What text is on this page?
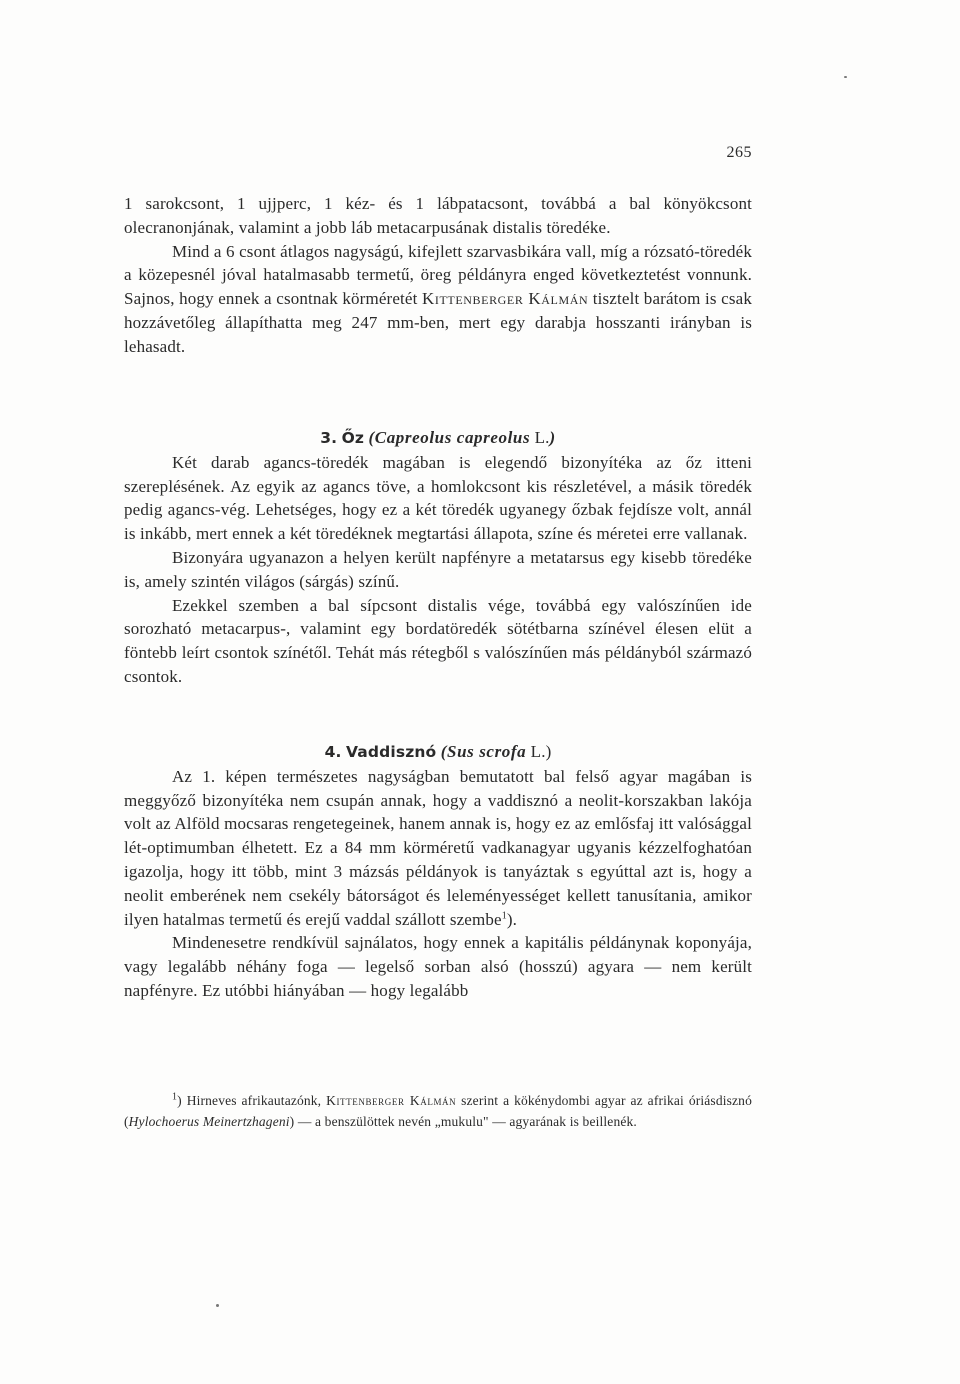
265

1 sarokcsont, 1 ujjperc, 1 kéz- és 1 lábpatacsont, továbbá a bal könyökcsont olecranonjának, valamint a jobb láb metacarpusának distalis töredéke.

Mind a 6 csont átlagos nagyságú, kifejlett szarvasbikára vall, míg a rózsató-töredék a közepesnél jóval hatalmasabb termetű, öreg példányra enged következtetést vonnunk. Sajnos, hogy ennek a csontnak körméretét Kittenberger Kálmán tisztelt barátom is csak hozzávetőleg állapíthatta meg 247 mm-ben, mert egy darabja hosszanti irányban is lehasadt.

3. Őz (Capreolus capreolus L.)

Két darab agancs-töredék magában is elegendő bizonyítéka az őz itteni szereplésének. Az egyik az agancs töve, a homlokcsont kis részletével, a másik töredék pedig agancs-vég. Lehetséges, hogy ez a két töredék ugyanegy őzbak fejdísze volt, annál is inkább, mert ennek a két töredéknek megtartási állapota, színe és méretei erre vallanak.

Bizonyára ugyanazon a helyen került napfényre a metatarsus egy kisebb töredéke is, amely szintén világos (sárgás) színű.

Ezekkel szemben a bal sípcsont distalis vége, továbbá egy valószínűen ide sorozható metacarpus-, valamint egy bordatöredék sötétbarna színével élesen elüt a föntebb leírt csontok színétől. Tehát más rétegből s valószínűen más példányból származó csontok.

4. Vaddisznó (Sus scrofa L.)

Az 1. képen természetes nagyságban bemutatott bal felső agyar magában is meggyőző bizonyítéka nem csupán annak, hogy a vaddisznó a neolit-korszakban lakója volt az Alföld mocsaras rengetegeinek, hanem annak is, hogy ez az emlősfaj itt valósággal lét-optimumban élhetett. Ez a 84 mm körméretű vadkanagyar ugyanis kézzelfoghatóan igazolja, hogy itt több, mint 3 mázsás példányok is tanyáztak s egyúttal azt is, hogy a neolit emberének nem csekély bátorságot és leleményességet kellett tanusítania, amikor ilyen hatalmas termetű és erejű vaddal szállott szembe$^1$).

Mindenesetre rendkívül sajnálatos, hogy ennek a kapitális példánynak koponyája, vagy legalább néhány foga — legelső sorban alsó (hosszú) agyara — nem került napfényre. Ez utóbbi hiányában — hogy legalább

$^1$) Hirneves afrikautazónk, Kittenberger Kálmán szerint a kökénydombi agyar az afrikai óriásdisznó (Hylochoerus Meinertzhageni) — a benszülöttek nevén „mukulu" — agyarának is beillenék.
